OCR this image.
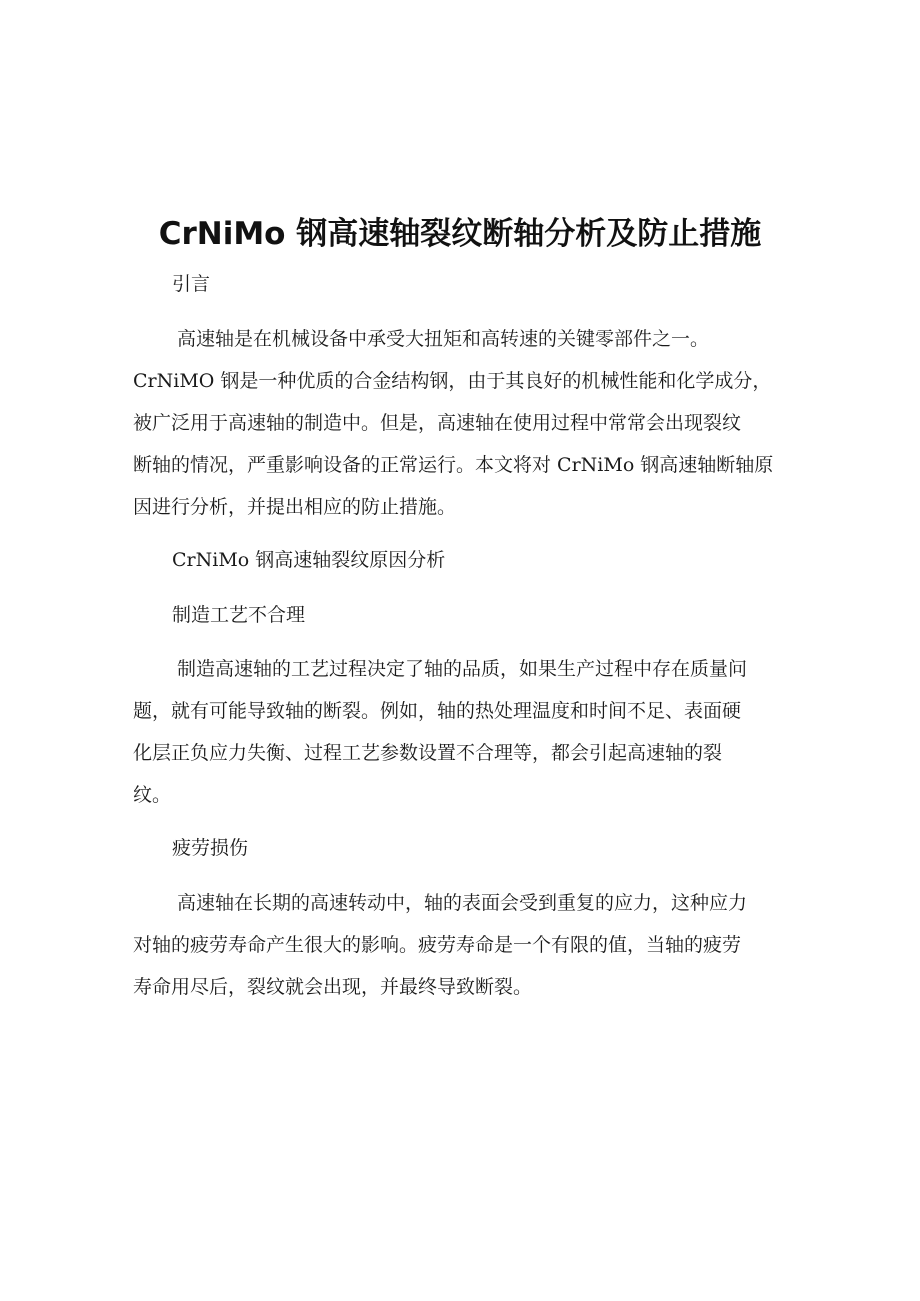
CrNiMo 钢高速轴裂纹断轴分析及防止措施
引言
高速轴是在机械设备中承受大扭矩和高转速的关键零部件之一。
CrNiMO 钢是一种优质的合金结构钢，由于其良好的机械性能和化学成分，
被广泛用于高速轴的制造中。但是，高速轴在使用过程中常常会出现裂纹
断轴的情况，严重影响设备的正常运行。本文将对 CrNiMo 钢高速轴断轴原
因进行分析，并提出相应的防止措施。
CrNiMo 钢高速轴裂纹原因分析
制造工艺不合理
制造高速轴的工艺过程决定了轴的品质，如果生产过程中存在质量问
题，就有可能导致轴的断裂。例如，轴的热处理温度和时间不足、表面硬
化层正负应力失衡、过程工艺参数设置不合理等，都会引起高速轴的裂
纹。
疲劳损伤
高速轴在长期的高速转动中，轴的表面会受到重复的应力，这种应力
对轴的疲劳寿命产生很大的影响。疲劳寿命是一个有限的值，当轴的疲劳
寿命用尽后，裂纹就会出现，并最终导致断裂。
